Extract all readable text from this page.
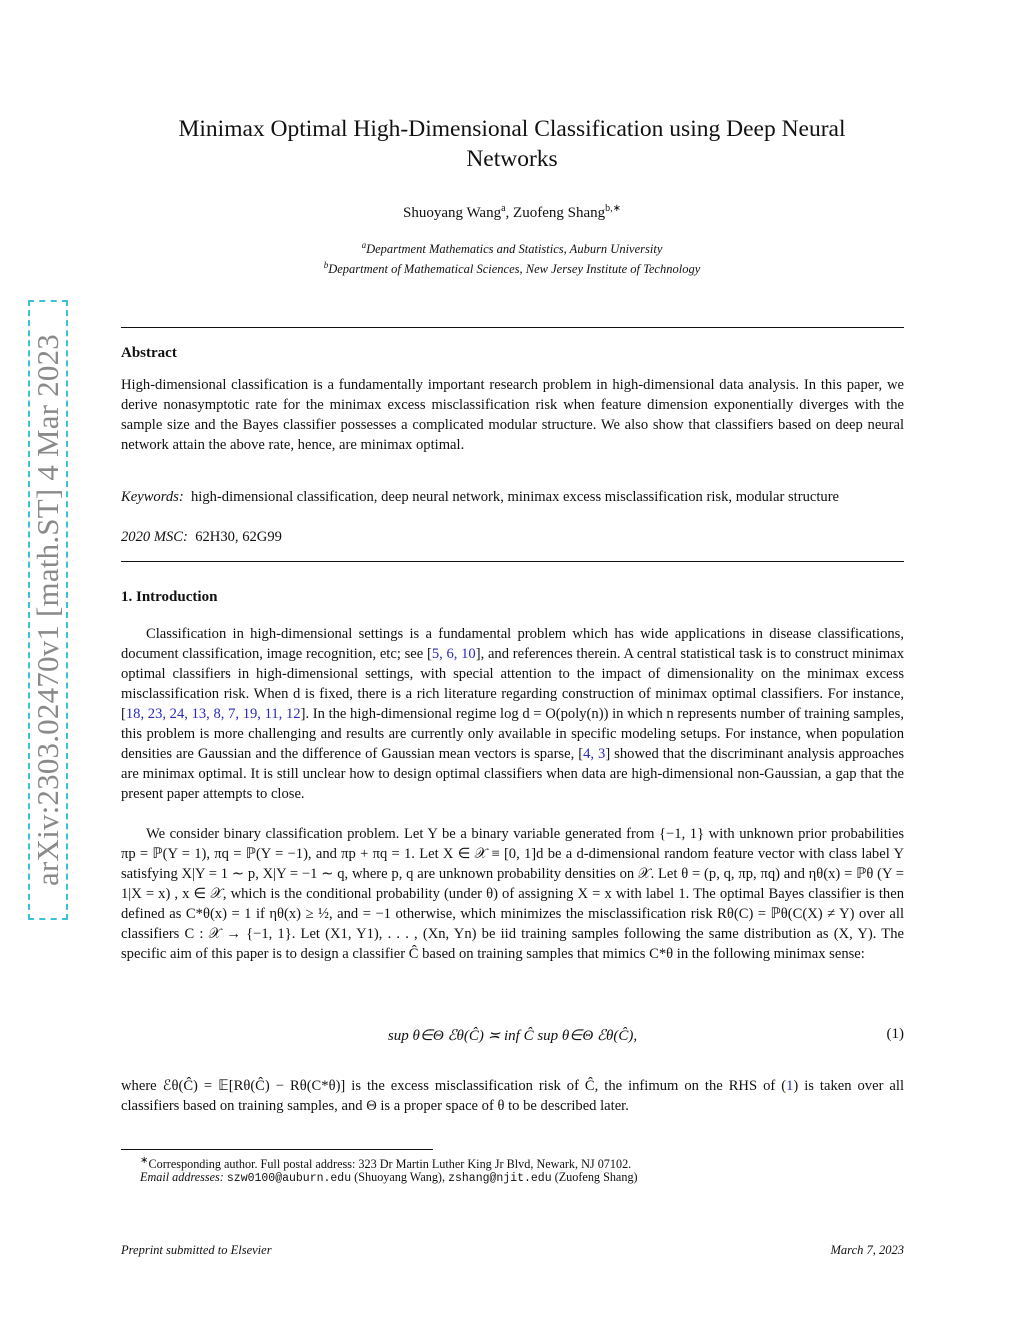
arXiv:2303.02470v1 [math.ST] 4 Mar 2023
Minimax Optimal High-Dimensional Classification using Deep Neural
Networks
Shuoyang Wang$^a$, Zuofeng Shang$^{b,∗}$
$^a$Department Mathematics and Statistics, Auburn University
$^b$Department of Mathematical Sciences, New Jersey Institute of Technology
Abstract
High-dimensional classification is a fundamentally important research problem in high-dimensional data analysis. In this paper, we derive nonasymptotic rate for the minimax excess misclassification risk when feature dimension exponentially diverges with the sample size and the Bayes classifier possesses a complicated modular structure. We also show that classifiers based on deep neural network attain the above rate, hence, are minimax optimal.
Keywords: high-dimensional classification, deep neural network, minimax excess misclassification risk, modular structure
2020 MSC: 62H30, 62G99
1. Introduction
Classification in high-dimensional settings is a fundamental problem which has wide applications in disease classifications, document classification, image recognition, etc; see [5, 6, 10], and references therein. A central statistical task is to construct minimax optimal classifiers in high-dimensional settings, with special attention to the impact of dimensionality on the minimax excess misclassification risk. When d is fixed, there is a rich literature regarding construction of minimax optimal classifiers. For instance, [18, 23, 24, 13, 8, 7, 19, 11, 12]. In the high-dimensional regime log d = O(poly(n)) in which n represents number of training samples, this problem is more challenging and results are currently only available in specific modeling setups. For instance, when population densities are Gaussian and the difference of Gaussian mean vectors is sparse, [4, 3] showed that the discriminant analysis approaches are minimax optimal. It is still unclear how to design optimal classifiers when data are high-dimensional non-Gaussian, a gap that the present paper attempts to close.
We consider binary classification problem. Let Y be a binary variable generated from {−1, 1} with unknown prior probabilities πp = ℙ(Y = 1), πq = ℙ(Y = −1), and πp + πq = 1. Let X ∈ 𝒳 ≡ [0, 1]d be a d-dimensional random feature vector with class label Y satisfying X|Y = 1 ∼ p, X|Y = −1 ∼ q, where p, q are unknown probability densities on 𝒳. Let θ = (p, q, πp, πq) and ηθ(x) = ℙθ (Y = 1|X = x) , x ∈ 𝒳, which is the conditional probability (under θ) of assigning X = x with label 1. The optimal Bayes classifier is then defined as C*θ(x) = 1 if ηθ(x) ≥ ½, and = −1 otherwise, which minimizes the misclassification risk Rθ(C) = ℙθ(C(X) ≠ Y) over all classifiers C : 𝒳 → {−1, 1}. Let (X1, Y1), . . . , (Xn, Yn) be iid training samples following the same distribution as (X, Y). The specific aim of this paper is to design a classifier Ĉ based on training samples that mimics C*θ in the following minimax sense:
sup θ∈Θ ℰθ(Ĉ) ≍ inf Ĉ sup θ∈Θ ℰθ(Ĉ),	(1)
where ℰθ(Ĉ) = 𝔼[Rθ(Ĉ) − Rθ(C*θ)] is the excess misclassification risk of Ĉ, the infimum on the RHS of (1) is taken over all classifiers based on training samples, and Θ is a proper space of θ to be described later.
∗Corresponding author. Full postal address: 323 Dr Martin Luther King Jr Blvd, Newark, NJ 07102.
Email addresses: szw0100@auburn.edu (Shuoyang Wang), zshang@njit.edu (Zuofeng Shang)
Preprint submitted to Elsevier	March 7, 2023
